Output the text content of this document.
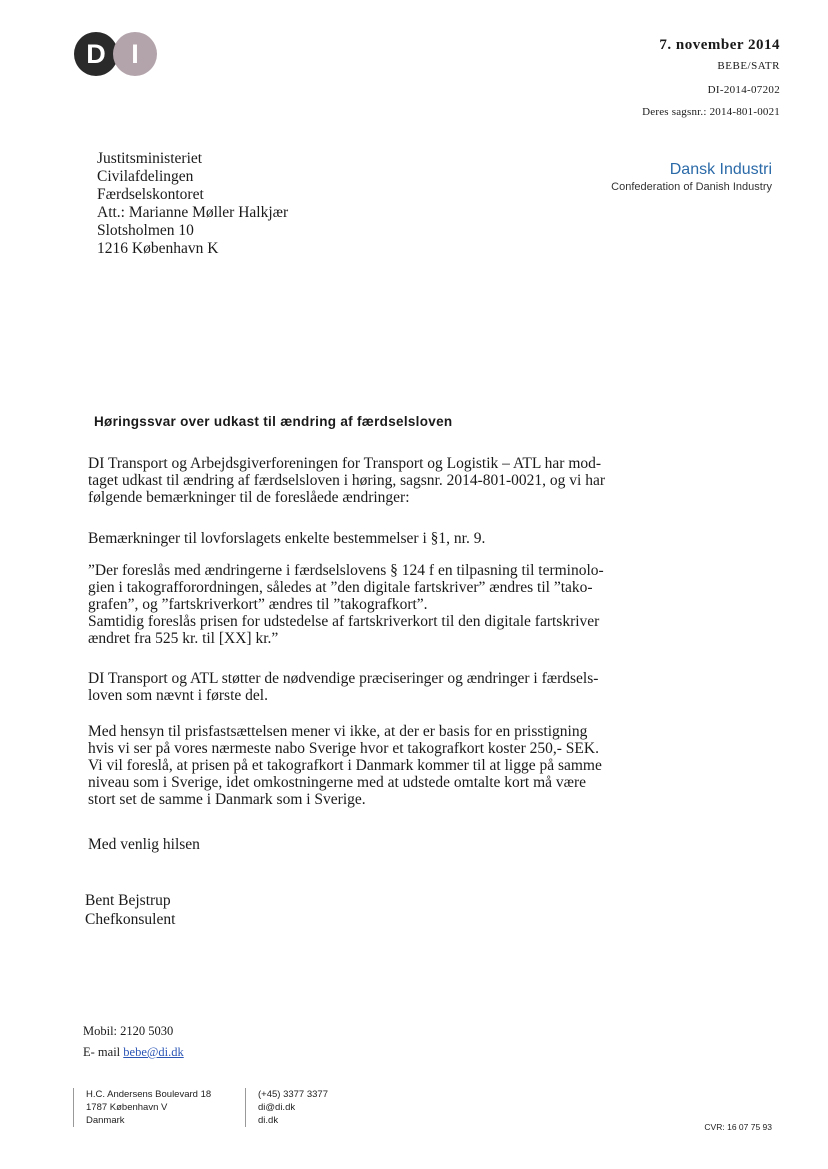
D I	7. november 2014
BEBE/SATR
DI-2014-07202
Deres sagsnr.: 2014-801-0021
Dansk Industri
Confederation of Danish Industry
Justitsministeriet
Civilafdelingen
Færdselskontoret
Att.: Marianne Møller Halkjær
Slotsholmen 10
1216 København K
Høringssvar over udkast til ændring af færdselsloven
DI Transport og Arbejdsgiverforeningen for Transport og Logistik – ATL har mod-
taget udkast til ændring af færdselsloven i høring, sagsnr. 2014-801-0021, og vi har
følgende bemærkninger til de foreslåede ændringer:
Bemærkninger til lovforslagets enkelte bestemmelser i §1, nr. 9.
”Der foreslås med ændringerne i færdselslovens § 124 f en tilpasning til terminolo-
gien i takografforordningen, således at ”den digitale fartskriver” ændres til ”tako-
grafen”, og ”fartskriverkort” ændres til ”takografkort”.
Samtidig foreslås prisen for udstedelse af fartskriverkort til den digitale fartskriver
ændret fra 525 kr. til [XX] kr.”
DI Transport og ATL støtter de nødvendige præciseringer og ændringer i færdsels-
loven som nævnt i første del.
Med hensyn til prisfastsættelsen mener vi ikke, at der er basis for en prisstigning
hvis vi ser på vores nærmeste nabo Sverige hvor et takografkort koster 250,- SEK.
Vi vil foreslå, at prisen på et takografkort i Danmark kommer til at ligge på samme
niveau som i Sverige, idet omkostningerne med at udstede omtalte kort må være
stort set de samme i Danmark som i Sverige.
Med venlig hilsen
Bent Bejstrup
Chefkonsulent
Mobil: 2120 5030
E- mail bebe@di.dk
H.C. Andersens Boulevard 18
1787 København V
Danmark
(+45) 3377 3377
di@di.dk
di.dk
CVR: 16 07 75 93
